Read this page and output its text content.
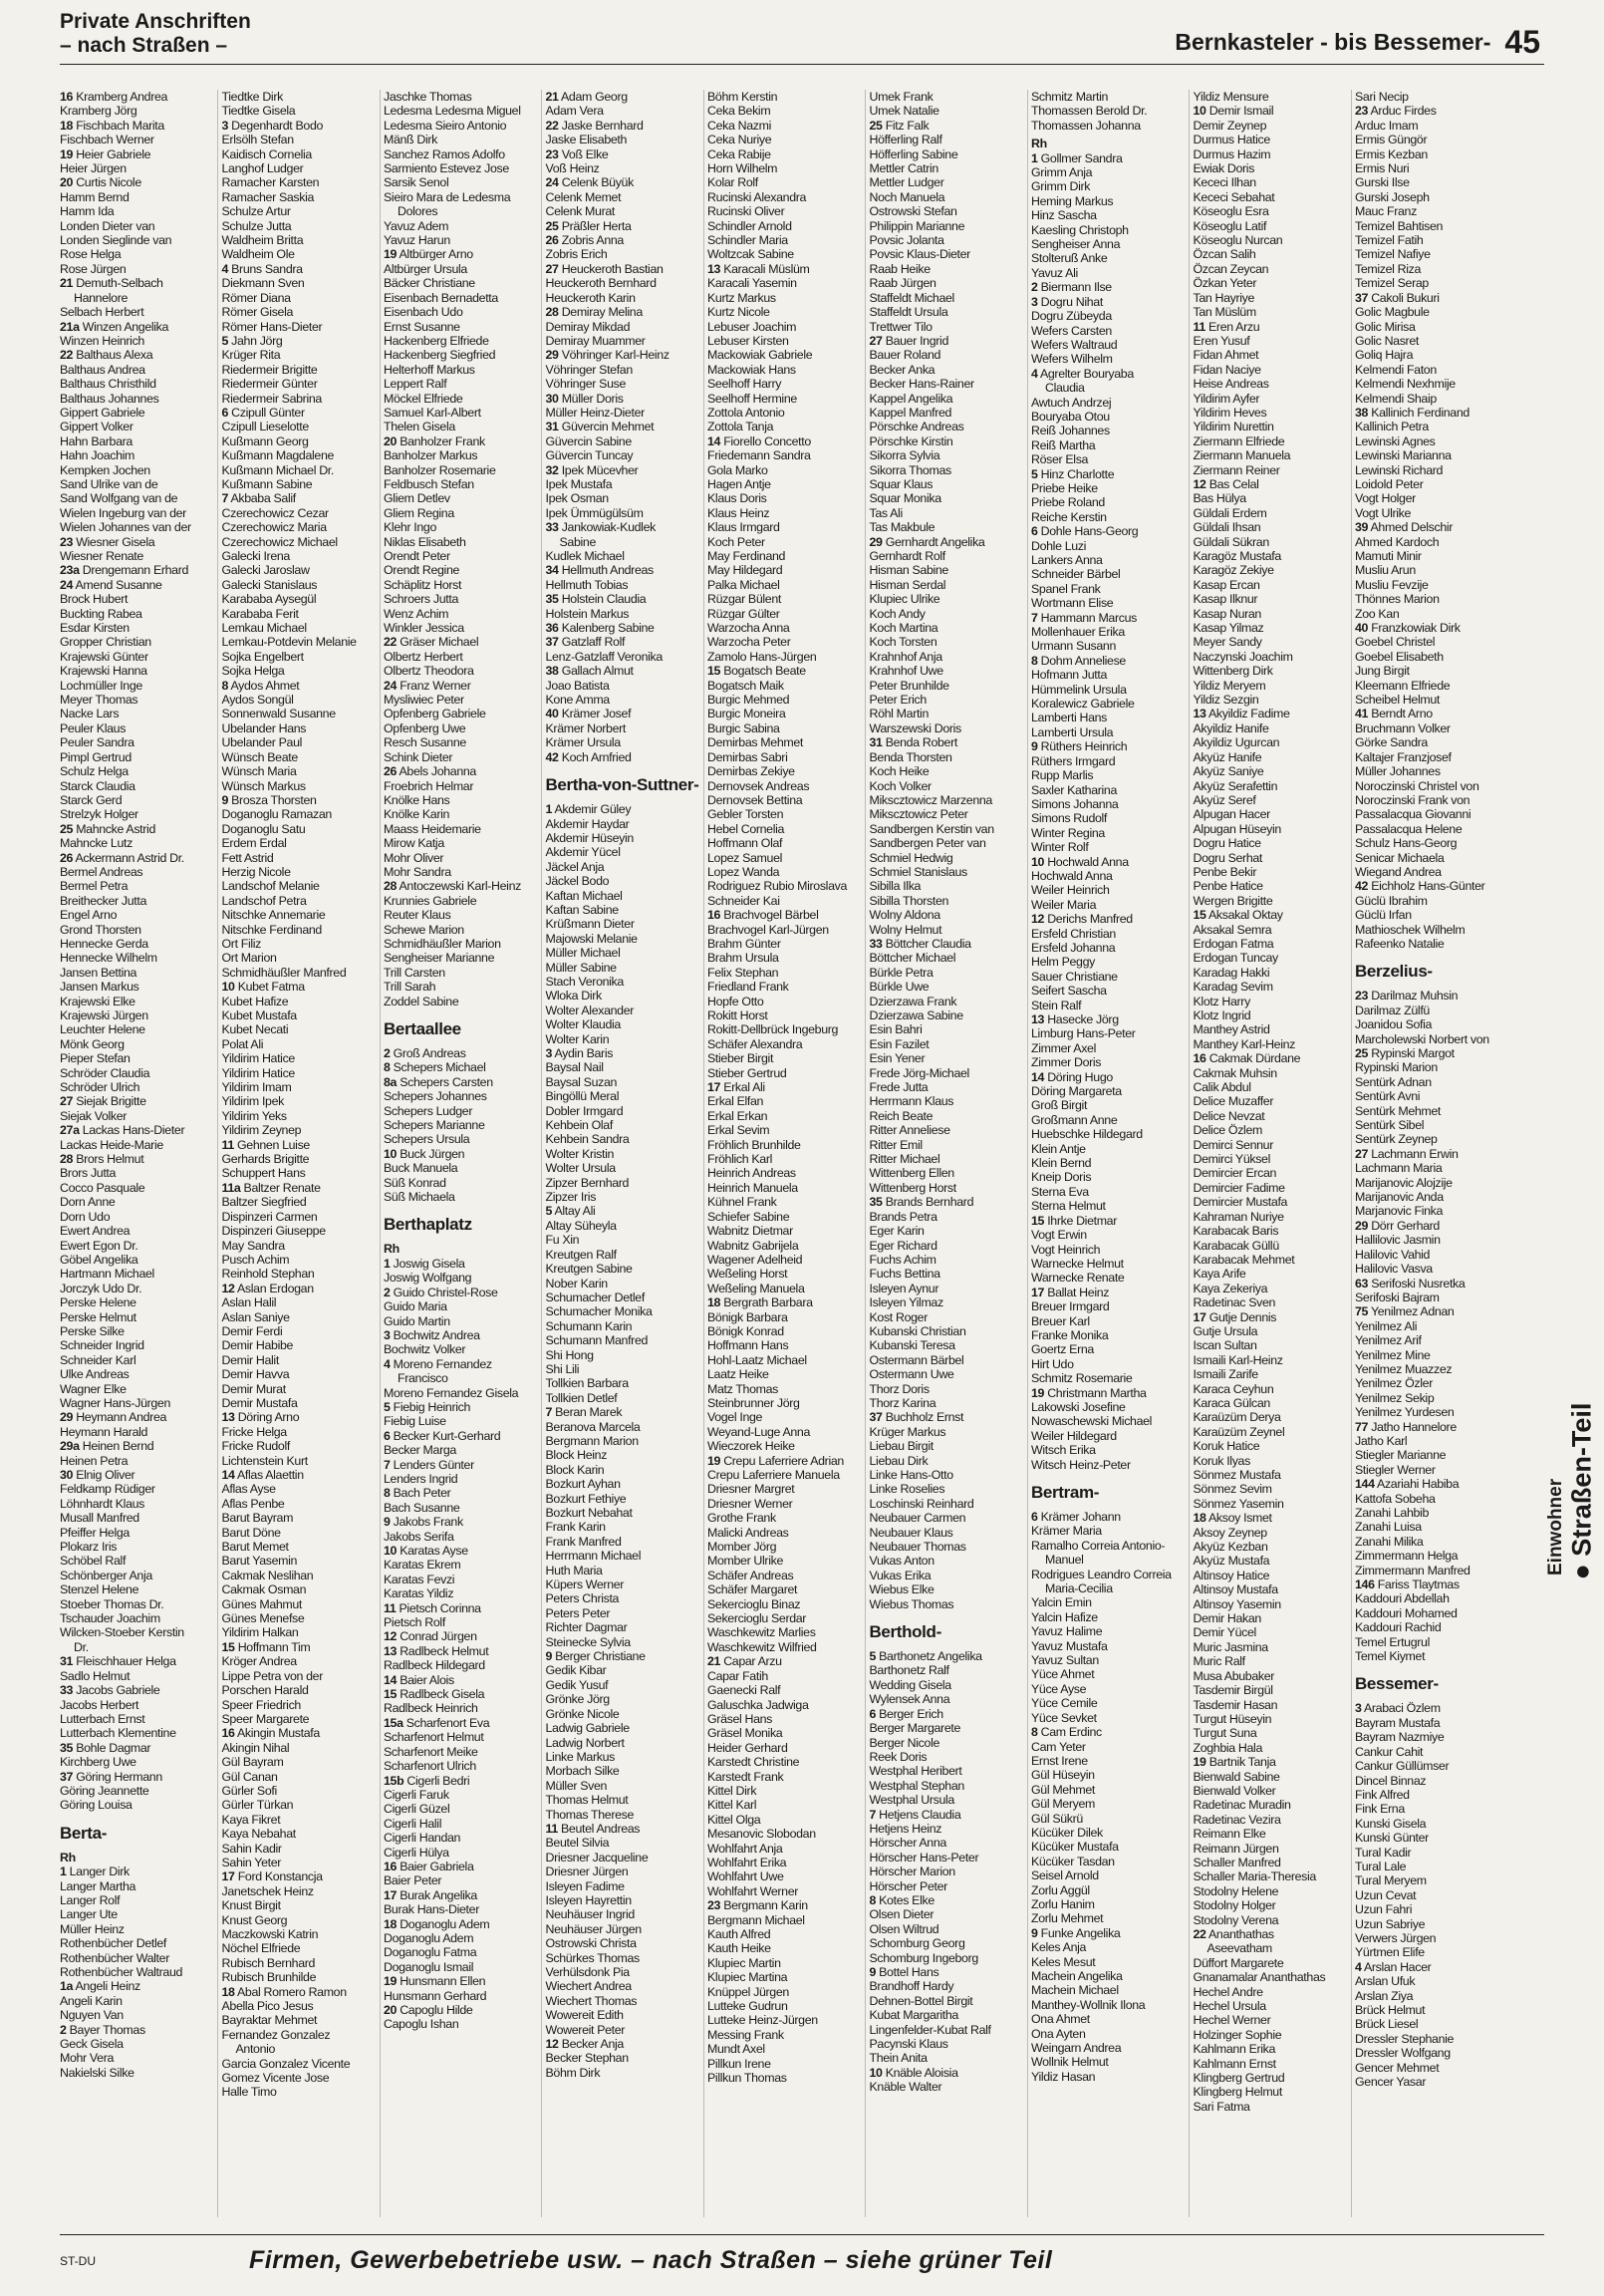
Private Anschriften
– nach Straßen –	Bernkasteler - bis Bessemer- 45
16 Kramberg Andrea
Kramberg Jörg
18 Fischbach Marita
Fischbach Werner
19 Heier Gabriele
Heier Jürgen
20 Curtis Nicole
Hamm Bernd
Hamm Ida
Londen Dieter van
Londen Sieglinde van
Rose Helga
Rose Jürgen
21 Demuth-Selbach
Hannelore
Selbach Herbert
21a Winzen Angelika
Winzen Heinrich
22 Balthaus Alexa
Balthaus Andrea
Balthaus Christhild
Balthaus Johannes
Gippert Gabriele
Gippert Volker
Hahn Barbara
Hahn Joachim
Kempken Jochen
Sand Ulrike van de
Sand Wolfgang van de
Wielen Ingeburg van der
Wielen Johannes van der
23 Wiesner Gisela
Wiesner Renate
23a Drengemann Erhard
24 Amend Susanne
Brock Hubert
Buckting Rabea
Esdar Kirsten
Gropper Christian
Krajewski Günter
Krajewski Hanna
Lochmüller Inge
Meyer Thomas
Nacke Lars
Peuler Klaus
Peuler Sandra
Pimpl Gertrud
Schulz Helga
Starck Claudia
Starck Gerd
Strelzyk Holger
25 Mahncke Astrid
Mahncke Lutz
26 Ackermann Astrid Dr.
Bermel Andreas
Bermel Petra
Breithecker Jutta
Engel Arno
Grond Thorsten
Hennecke Gerda
Hennecke Wilhelm
Jansen Bettina
Jansen Markus
Krajewski Elke
Krajewski Jürgen
Leuchter Helene
Mönk Georg
Pieper Stefan
Schröder Claudia
Schröder Ulrich
27 Siejak Brigitte
Siejak Volker
27a Lackas Hans-Dieter
Lackas Heide-Marie
28 Brors Helmut
Brors Jutta
Cocco Pasquale
Dorn Anne
Dorn Udo
Ewert Andrea
Ewert Egon Dr.
Göbel Angelika
Hartmann Michael
Jorczyk Udo Dr.
Perske Helene
Perske Helmut
Perske Silke
Schneider Ingrid
Schneider Karl
Ulke Andreas
Wagner Elke
Wagner Hans-Jürgen
29 Heymann Andrea
Heymann Harald
29a Heinen Bernd
Heinen Petra
30 Elnig Oliver
Feldkamp Rüdiger
Löhnhardt Klaus
Musall Manfred
Pfeiffer Helga
Plokarz Iris
Schöbel Ralf
Schönberger Anja
Stenzel Helene
Stoeber Thomas Dr.
Tschauder Joachim
Wilcken-Stoeber Kerstin
Dr.
31 Fleischhauer Helga
Sadlo Helmut
33 Jacobs Gabriele
Jacobs Herbert
Lutterbach Ernst
Lutterbach Klementine
35 Bohle Dagmar
Kirchberg Uwe
37 Göring Hermann
Göring Jeannette
Göring Louisa
Berta-
Rh
1 Langer Dirk
Langer Martha
Langer Rolf
Langer Ute
Müller Heinz
Rothenbücher Detlef
Rothenbücher Walter
Rothenbücher Waltraud
1a Angeli Heinz
Angeli Karin
Nguyen Van
2 Bayer Thomas
Geck Gisela
Mohr Vera
Nakielski Silke
Tiedtke Dirk
Tiedtke Gisela
3 Degenhardt Bodo
Erlsölh Stefan
Kaidisch Cornelia
Langhof Ludger
Ramacher Karsten
Ramacher Saskia
Schulze Artur
Schulze Jutta
Waldheim Britta
Waldheim Ole
4 Bruns Sandra
Diekmann Sven
Römer Diana
Römer Gisela
Römer Hans-Dieter
5 Jahn Jörg
Krüger Rita
Riedermeir Brigitte
Riedermeir Günter
Riedermeir Sabrina
6 Czipull Günter
Czipull Lieselotte
Kußmann Georg
Kußmann Magdalene
Kußmann Michael Dr.
Kußmann Sabine
7 Akbaba Salif
Czerechowicz Cezar
Czerechowicz Maria
Czerechowicz Michael
Galecki Irena
Galecki Jaroslaw
Galecki Stanislaus
Karababa Aysegül
Karababa Ferit
Lemkau Michael
Lemkau-Potdevin Melanie
Sojka Engelbert
Sojka Helga
8 Aydos Ahmet
Aydos Songül
Sonnenwald Susanne
Ubelander Hans
Ubelander Paul
Wünsch Beate
Wünsch Maria
Wünsch Markus
9 Brosza Thorsten
Doganoglu Ramazan
Doganoglu Satu
Erdem Erdal
Fett Astrid
Herzig Nicole
Landschof Melanie
Landschof Petra
Nitschke Annemarie
Nitschke Ferdinand
Ort Filiz
Ort Marion
Schmidhäußler Manfred
10 Kubet Fatma
Kubet Hafize
Kubet Mustafa
Kubet Necati
Polat Ali
Yildirim Hatice
Yildirim Hatice
Yildirim Imam
Yildirim Ipek
Yildirim Yeks
Yildirim Zeynep
11 Gehnen Luise
Gerhards Brigitte
Schuppert Hans
11a Baltzer Renate
Baltzer Siegfried
Dispinzeri Carmen
Dispinzeri Giuseppe
May Sandra
Pusch Achim
Reinhold Stephan
12 Aslan Erdogan
Aslan Halil
Aslan Saniye
Demir Ferdi
Demir Habibe
Demir Halit
Demir Havva
Demir Murat
Demir Mustafa
13 Döring Arno
Fricke Helga
Fricke Rudolf
Lichtenstein Kurt
14 Aflas Alaettin
Aflas Ayse
Aflas Penbe
Barut Bayram
Barut Döne
Barut Memet
Barut Yasemin
Cakmak Neslihan
Cakmak Osman
Günes Mahmut
Günes Menefse
Yildirim Halkan
15 Hoffmann Tim
Kröger Andrea
Lippe Petra von der
Porschen Harald
Speer Friedrich
Speer Margarete
16 Akingin Mustafa
Akingin Nihal
Gül Bayram
Gül Canan
Gürler Sofi
Gürler Türkan
Kaya Fikret
Kaya Nebahat
Sahin Kadir
Sahin Yeter
17 Ford Konstancja
Janetschek Heinz
Knust Birgit
Knust Georg
Maczkowski Katrin
Nöchel Elfriede
Rubisch Bernhard
Rubisch Brunhilde
18 Abal Romero Ramon
Abella Pico Jesus
Bayraktar Mehmet
Fernandez Gonzalez
Antonio
Garcia Gonzalez Vicente
Gomez Vicente Jose
Halle Timo
Jaschke Thomas
Ledesma Ledesma Miguel
Ledesma Sieiro Antonio
Mänß Dirk
Sanchez Ramos Adolfo
Sarmiento Estevez Jose
Sarsik Senol
Sieiro Mara de Ledesma
Dolores
Yavuz Adem
Yavuz Harun
19 Altbürger Arno
Altbürger Ursula
Bäcker Christiane
Eisenbach Bernadetta
Eisenbach Udo
Ernst Susanne
Hackenberg Elfriede
Hackenberg Siegfried
Helterhoff Markus
Leppert Ralf
Möckel Elfriede
Samuel Karl-Albert
Thelen Gisela
20 Banholzer Frank
Banholzer Markus
Banholzer Rosemarie
Feldbusch Stefan
Gliem Detlev
Gliem Regina
Klehr Ingo
Niklas Elisabeth
Orendt Peter
Orendt Regine
Schäplitz Horst
Schroers Jutta
Wenz Achim
Winkler Jessica
22 Gräser Michael
Olbertz Herbert
Olbertz Theodora
24 Franz Werner
Mysliwiec Peter
Opfenberg Gabriele
Opfenberg Uwe
Resch Susanne
Schink Dieter
26 Abels Johanna
Froebrich Helmar
Knölke Hans
Knölke Karin
Maass Heidemarie
Mirow Katja
Mohr Oliver
Mohr Sandra
28 Antoczewski Karl-Heinz
Krunnies Gabriele
Reuter Klaus
Schewe Marion
Schmidhäußler Marion
Sengheiser Marianne
Trill Carsten
Trill Sarah
Zoddel Sabine
Bertaallee
2 Groß Andreas
8 Schepers Michael
8a Schepers Carsten
Schepers Johannes
Schepers Ludger
Schepers Marianne
Schepers Ursula
10 Buck Jürgen
Buck Manuela
Süß Konrad
Süß Michaela
Berthaplatz
Rh
1 Joswig Gisela
Joswig Wolfgang
2 Guido Christel-Rose
Guido Maria
Guido Martin
3 Bochwitz Andrea
Bochwitz Volker
4 Moreno Fernandez
Francisco
Moreno Fernandez Gisela
5 Fiebig Heinrich
Fiebig Luise
6 Becker Kurt-Gerhard
Becker Marga
7 Lenders Günter
Lenders Ingrid
8 Bach Peter
Bach Susanne
9 Jakobs Frank
Jakobs Serifa
10 Karatas Ayse
Karatas Ekrem
Karatas Fevzi
Karatas Yildiz
11 Pietsch Corinna
Pietsch Rolf
12 Conrad Jürgen
13 Radlbeck Helmut
Radlbeck Hildegard
14 Baier Alois
15 Radlbeck Gisela
Radlbeck Heinrich
15a Scharfenort Eva
Scharfenort Helmut
Scharfenort Meike
Scharfenort Ulrich
15b Cigerli Bedri
Cigerli Faruk
Cigerli Güzel
Cigerli Halil
Cigerli Handan
Cigerli Hülya
16 Baier Gabriela
Baier Peter
17 Burak Angelika
Burak Hans-Dieter
18 Doganoglu Adem
Doganoglu Adem
Doganoglu Fatma
Doganoglu Ismail
19 Hunsmann Ellen
Hunsmann Gerhard
20 Capoglu Hilde
Capoglu Ishan
21 Adam Georg
Adam Vera
22 Jaske Bernhard
Jaske Elisabeth
23 Voß Elke
Voß Heinz
24 Celenk Büyük
Celenk Memet
Celenk Murat
25 Präßler Herta
26 Zobris Anna
Zobris Erich
27 Heuckeroth Bastian
Heuckeroth Bernhard
Heuckeroth Karin
28 Demiray Melina
Demiray Mikdad
Demiray Muammer
29 Vöhringer Karl-Heinz
Vöhringer Stefan
Vöhringer Suse
30 Müller Doris
Müller Heinz-Dieter
31 Güvercin Mehmet
Güvercin Sabine
Güvercin Tuncay
32 Ipek Mücevher
Ipek Mustafa
Ipek Osman
Ipek Ümmügülsüm
33 Jankowiak-Kudlek
Sabine
Kudlek Michael
34 Hellmuth Andreas
Hellmuth Tobias
35 Holstein Claudia
Holstein Markus
36 Kalenberg Sabine
37 Gatzlaff Rolf
Lenz-Gatzlaff Veronika
38 Gallach Almut
Joao Batista
Kone Amma
40 Krämer Josef
Krämer Norbert
Krämer Ursula
42 Koch Arnfried
Bertha-von-Suttner-
1 Akdemir Güley
Akdemir Haydar
Akdemir Hüseyin
Akdemir Yücel
Jäckel Anja
Jäckel Bodo
Kaftan Michael
Kaftan Sabine
Krüßmann Dieter
Majowski Melanie
Müller Michael
Müller Sabine
Stach Veronika
Wloka Dirk
Wolter Alexander
Wolter Klaudia
Wolter Karin
3 Aydin Baris
Baysal Nail
Baysal Suzan
Bingöllü Meral
Dobler Irmgard
Kehbein Olaf
Kehbein Sandra
Wolter Kristin
Wolter Ursula
Zipzer Bernhard
Zipzer Iris
5 Altay Ali
Altay Süheyla
Fu Xin
Kreutgen Ralf
Kreutgen Sabine
Nober Karin
Schumacher Detlef
Schumacher Monika
Schumann Karin
Schumann Manfred
Shi Hong
Shi Lili
Tollkien Barbara
Tollkien Detlef
7 Beran Marek
Beranova Marcela
Bergmann Marion
Block Heinz
Block Karin
Bozkurt Ayhan
Bozkurt Fethiye
Bozkurt Nebahat
Frank Karin
Frank Manfred
Herrmann Michael
Huth Maria
Küpers Werner
Peters Christa
Peters Peter
Richter Dagmar
Steinecke Sylvia
9 Berger Christiane
Gedik Kibar
Gedik Yusuf
Grönke Jörg
Grönke Nicole
Ladwig Gabriele
Ladwig Norbert
Linke Markus
Morbach Silke
Müller Sven
Thomas Helmut
Thomas Therese
11 Beutel Andreas
Beutel Silvia
Driesner Jacqueline
Driesner Jürgen
Isleyen Fadime
Isleyen Hayrettin
Neuhäuser Ingrid
Neuhäuser Jürgen
Ostrowski Christa
Schürkes Thomas
Verhülsdonk Pia
Wiechert Andrea
Wiechert Thomas
Wowereit Edith
Wowereit Peter
12 Becker Anja
Becker Stephan
Böhm Dirk
Böhm Kerstin
Ceka Bekim
Ceka Nazmi
Ceka Nuriye
Ceka Rabije
Horn Wilhelm
Kolar Rolf
Rucinski Alexandra
Rucinski Oliver
Schindler Arnold
Schindler Maria
Woltzcak Sabine
13 Karacali Müslüm
Karacali Yasemin
Kurtz Markus
Kurtz Nicole
Lebuser Joachim
Lebuser Kirsten
Mackowiak Gabriele
Mackowiak Hans
Seelhoff Harry
Seelhoff Hermine
Zottola Antonio
Zottola Tanja
14 Fiorello Concetto
Friedemann Sandra
Gola Marko
Hagen Antje
Klaus Doris
Klaus Heinz
Klaus Irmgard
Koch Peter
May Ferdinand
May Hildegard
Palka Michael
Rüzgar Bülent
Rüzgar Gülter
Warzocha Anna
Warzocha Peter
Zamolo Hans-Jürgen
15 Bogatsch Beate
Bogatsch Maik
Burgic Mehmed
Burgic Moneira
Burgic Sabina
Demirbas Mehmet
Demirbas Sabri
Demirbas Zekiye
Dernovsek Andreas
Dernovsek Bettina
Gebler Torsten
Hebel Cornelia
Hoffmann Olaf
Lopez Samuel
Lopez Wanda
Rodriguez Rubio Miroslava
Schneider Kai
16 Brachvogel Bärbel
Brachvogel Karl-Jürgen
Brahm Günter
Brahm Ursula
Felix Stephan
Friedland Frank
Hopfe Otto
Rokitt Horst
Rokitt-Dellbrück Ingeburg
Schäfer Alexandra
Stieber Birgit
Stieber Gertrud
17 Erkal Ali
Erkal Elfan
Erkal Erkan
Erkal Sevim
Fröhlich Brunhilde
Fröhlich Karl
Heinrich Andreas
Heinrich Manuela
Kühnel Frank
Schiefer Sabine
Wabnitz Dietmar
Wabnitz Gabrijela
Wagener Adelheid
Weßeling Horst
Weßeling Manuela
18 Bergrath Barbara
Bönigk Barbara
Bönigk Konrad
Hoffmann Hans
Hohl-Laatz Michael
Laatz Heike
Matz Thomas
Steinbrunner Jörg
Vogel Inge
Weyand-Luge Anna
Wieczorek Heike
19 Crepu Laferriere Adrian
Crepu Laferriere Manuela
Driesner Margret
Driesner Werner
Grothe Frank
Malicki Andreas
Momber Jörg
Momber Ulrike
Schäfer Andreas
Schäfer Margaret
Sekercioglu Binaz
Sekercioglu Serdar
Waschkewitz Marlies
Waschkewitz Wilfried
21 Capar Arzu
Capar Fatih
Gaenecki Ralf
Galuschka Jadwiga
Gräsel Hans
Gräsel Monika
Heider Gerhard
Karstedt Christine
Karstedt Frank
Kittel Dirk
Kittel Karl
Kittel Olga
Mesanovic Slobodan
Wohlfahrt Anja
Wohlfahrt Erika
Wohlfahrt Uwe
Wohlfahrt Werner
23 Bergmann Karin
Bergmann Michael
Kauth Alfred
Kauth Heike
Klupiec Martin
Klupiec Martina
Knüppel Jürgen
Lutteke Gudrun
Lutteke Heinz-Jürgen
Messing Frank
Mundt Axel
Pillkun Irene
Pillkun Thomas
Umek Frank
Umek Natalie
25 Fitz Falk
Höfferling Ralf
Höfferling Sabine
Mettler Catrin
Mettler Ludger
Noch Manuela
Ostrowski Stefan
Philippin Marianne
Povsic Jolanta
Povsic Klaus-Dieter
Raab Heike
Raab Jürgen
Staffeldt Michael
Staffeldt Ursula
Trettwer Tilo
27 Bauer Ingrid
Bauer Roland
Becker Anka
Becker Hans-Rainer
Kappel Angelika
Kappel Manfred
Pörschke Andreas
Pörschke Kirstin
Sikorra Sylvia
Sikorra Thomas
Squar Klaus
Squar Monika
Tas Ali
Tas Makbule
29 Gernhardt Angelika
Gernhardt Rolf
Hisman Sabine
Hisman Serdal
Klupiec Ulrike
Koch Andy
Koch Martina
Koch Torsten
Krahnhof Anja
Krahnhof Uwe
Peter Brunhilde
Peter Erich
Röhl Martin
Warszewski Doris
31 Benda Robert
Benda Thorsten
Koch Heike
Koch Volker
Mikscztowicz Marzenna
Mikscztowicz Peter
Sandbergen Kerstin van
Sandbergen Peter van
Schmiel Hedwig
Schmiel Stanislaus
Sibilla Ilka
Sibilla Thorsten
Wolny Aldona
Wolny Helmut
33 Böttcher Claudia
Böttcher Michael
Bürkle Petra
Bürkle Uwe
Dzierzawa Frank
Dzierzawa Sabine
Esin Bahri
Esin Fazilet
Esin Yener
Frede Jörg-Michael
Frede Jutta
Herrmann Klaus
Reich Beate
Ritter Anneliese
Ritter Emil
Ritter Michael
Wittenberg Ellen
Wittenberg Horst
35 Brands Bernhard
Brands Petra
Eger Karin
Eger Richard
Fuchs Achim
Fuchs Bettina
Isleyen Aynur
Isleyen Yilmaz
Kost Roger
Kubanski Christian
Kubanski Teresa
Ostermann Bärbel
Ostermann Uwe
Thorz Doris
Thorz Karina
37 Buchholz Ernst
Krüger Markus
Liebau Birgit
Liebau Dirk
Linke Hans-Otto
Linke Roselies
Loschinski Reinhard
Neubauer Carmen
Neubauer Klaus
Neubauer Thomas
Vukas Anton
Vukas Erika
Wiebus Elke
Wiebus Thomas
Berthold-
5 Barthonetz Angelika
Barthonetz Ralf
Wedding Gisela
Wylensek Anna
6 Berger Erich
Berger Margarete
Berger Nicole
Reek Doris
Westphal Heribert
Westphal Stephan
Westphal Ursula
7 Hetjens Claudia
Hetjens Heinz
Hörscher Anna
Hörscher Hans-Peter
Hörscher Marion
Hörscher Peter
8 Kotes Elke
Olsen Dieter
Olsen Wiltrud
Schomburg Georg
Schomburg Ingeborg
9 Bottel Hans
Brandhoff Hardy
Dehnen-Bottel Birgit
Kubat Margaritha
Lingenfelder-Kubat Ralf
Pacynski Klaus
Thein Anita
10 Knäble Aloisia
Knäble Walter
Schmitz Martin
Thomassen Berold Dr.
Thomassen Johanna
Rh
1 Gollmer Sandra
Grimm Anja
Grimm Dirk
Heming Markus
Hinz Sascha
Kaesling Christoph
Sengheiser Anna
Stolteruß Anke
Yavuz Ali
2 Biermann Ilse
3 Dogru Nihat
Dogru Zübeyda
Wefers Carsten
Wefers Waltraud
Wefers Wilhelm
4 Agrelter Bouryaba
Claudia
Awtuch Andrzej
Bouryaba Otou
Reiß Johannes
Reiß Martha
Röser Elsa
5 Hinz Charlotte
Priebe Heike
Priebe Roland
Reiche Kerstin
6 Dohle Hans-Georg
Dohle Luzi
Lankers Anna
Schneider Bärbel
Spanel Frank
Wortmann Elise
7 Hammann Marcus
Mollenhauer Erika
Urmann Susann
8 Dohm Anneliese
Hofmann Jutta
Hümmelink Ursula
Koralewicz Gabriele
Lamberti Hans
Lamberti Ursula
9 Rüthers Heinrich
Rüthers Irmgard
Rupp Marlis
Saxler Katharina
Simons Johanna
Simons Rudolf
Winter Regina
Winter Rolf
10 Hochwald Anna
Hochwald Anna
Weiler Heinrich
Weiler Maria
12 Derichs Manfred
Ersfeld Christian
Ersfeld Johanna
Helm Peggy
Sauer Christiane
Seifert Sascha
Stein Ralf
13 Hasecke Jörg
Limburg Hans-Peter
Zimmer Axel
Zimmer Doris
14 Döring Hugo
Döring Margareta
Groß Birgit
Großmann Anne
Huebschke Hildegard
Klein Antje
Klein Bernd
Kneip Doris
Sterna Eva
Sterna Helmut
15 Ihrke Dietmar
Vogt Erwin
Vogt Heinrich
Warnecke Helmut
Warnecke Renate
17 Ballat Heinz
Breuer Irmgard
Breuer Karl
Franke Monika
Goertz Erna
Hirt Udo
Schmitz Rosemarie
19 Christmann Martha
Lakowski Josefine
Nowaschewski Michael
Weiler Hildegard
Witsch Erika
Witsch Heinz-Peter
Bertram-
6 Krämer Johann
Krämer Maria
Ramalho Correia Antonio-
Manuel
Rodrigues Leandro Correia
Maria-Cecilia
Yalcin Emin
Yalcin Hafize
Yavuz Halime
Yavuz Mustafa
Yavuz Sultan
Yüce Ahmet
Yüce Ayse
Yüce Cemile
Yüce Sevket
8 Cam Erdinc
Cam Yeter
Ernst Irene
Gül Hüseyin
Gül Mehmet
Gül Meryem
Gül Sükrü
Kücüker Dilek
Kücüker Mustafa
Kücüker Tasdan
Seisel Arnold
Zorlu Aggül
Zorlu Hanim
Zorlu Mehmet
9 Funke Angelika
Keles Anja
Keles Mesut
Machein Angelika
Machein Michael
Manthey-Wollnik Ilona
Ona Ahmet
Ona Ayten
Weingarn Andrea
Wollnik Helmut
Yildiz Hasan
Yildiz Mensure
10 Demir Ismail
Demir Zeynep
Durmus Hatice
Durmus Hazim
Ewiak Doris
Kececi Ilhan
Kececi Sebahat
Köseoglu Esra
Köseoglu Latif
Köseoglu Nurcan
Özcan Salih
Özcan Zeycan
Özkan Yeter
Tan Hayriye
Tan Müslüm
11 Eren Arzu
Eren Yusuf
Fidan Ahmet
Fidan Naciye
Heise Andreas
Yildirim Ayfer
Yildirim Heves
Yildirim Nurettin
Ziermann Elfriede
Ziermann Manuela
Ziermann Reiner
12 Bas Celal
Bas Hülya
Güldali Erdem
Güldali Ihsan
Güldali Sükran
Karagöz Mustafa
Karagöz Zekiye
Kasap Ercan
Kasap Ilknur
Kasap Nuran
Kasap Yilmaz
Meyer Sandy
Naczynski Joachim
Wittenberg Dirk
Yildiz Meryem
Yildiz Sezgin
13 Akyildiz Fadime
Akyildiz Hanife
Akyildiz Ugurcan
Akyüz Hanife
Akyüz Saniye
Akyüz Serafettin
Akyüz Seref
Alpugan Hacer
Alpugan Hüseyin
Dogru Hatice
Dogru Serhat
Penbe Bekir
Penbe Hatice
Wergen Brigitte
15 Aksakal Oktay
Aksakal Semra
Erdogan Fatma
Erdogan Tuncay
Karadag Hakki
Karadag Sevim
Klotz Harry
Klotz Ingrid
Manthey Astrid
Manthey Karl-Heinz
16 Cakmak Dürdane
Cakmak Muhsin
Calik Abdul
Delice Muzaffer
Delice Nevzat
Delice Özlem
Demirci Sennur
Demirci Yüksel
Demircier Ercan
Demircier Fadime
Demircier Mustafa
Kahraman Nuriye
Karabacak Baris
Karabacak Güllü
Karabacak Mehmet
Kaya Arife
Kaya Zekeriya
Radetinac Sven
17 Gutje Dennis
Gutje Ursula
Iscan Sultan
Ismaili Karl-Heinz
Ismaili Zarife
Karaca Ceyhun
Karaca Gülcan
Karaüzüm Derya
Karaüzüm Zeynel
Koruk Hatice
Koruk Ilyas
Sönmez Mustafa
Sönmez Sevim
Sönmez Yasemin
18 Aksoy Ismet
Aksoy Zeynep
Akyüz Kezban
Akyüz Mustafa
Altinsoy Hatice
Altinsoy Mustafa
Altinsoy Yasemin
Demir Hakan
Demir Yücel
Muric Jasmina
Muric Ralf
Musa Abubaker
Tasdemir Birgül
Tasdemir Hasan
Turgut Hüseyin
Turgut Suna
Zoghbia Hala
19 Bartnik Tanja
Bienwald Sabine
Bienwald Volker
Radetinac Muradin
Radetinac Vezira
Reimann Elke
Reimann Jürgen
Schaller Manfred
Schaller Maria-Theresia
Stodolny Helene
Stodolny Holger
Stodolny Verena
22 Ananthathas
Aseevatham
Düffort Margarete
Gnanamalar Ananthathas
Hechel Andre
Hechel Ursula
Hechel Werner
Holzinger Sophie
Kahlmann Erika
Kahlmann Ernst
Klingberg Gertrud
Klingberg Helmut
Sari Fatma
Sari Necip
23 Arduc Firdes
Arduc Imam
Ermis Güngör
Ermis Kezban
Ermis Nuri
Gurski Ilse
Gurski Joseph
Mauc Franz
Temizel Bahtisen
Temizel Fatih
Temizel Nafiye
Temizel Riza
Temizel Serap
37 Cakoli Bukuri
Golic Magbule
Golic Mirisa
Golic Nasret
Goliq Hajra
Kelmendi Faton
Kelmendi Nexhmije
Kelmendi Shaip
38 Kallinich Ferdinand
Kallinich Petra
Lewinski Agnes
Lewinski Marianna
Lewinski Richard
Loidold Peter
Vogt Holger
Vogt Ulrike
39 Ahmed Delschir
Ahmed Kardoch
Mamuti Minir
Musliu Arun
Musliu Fevzije
Thönnes Marion
Zoo Kan
40 Franzkowiak Dirk
Goebel Christel
Goebel Elisabeth
Jung Birgit
Kleemann Elfriede
Scheibel Helmut
41 Berndt Arno
Bruchmann Volker
Görke Sandra
Kaltajer Franzjosef
Müller Johannes
Noroczinski Christel von
Noroczinski Frank von
Passalacqua Giovanni
Passalacqua Helene
Schulz Hans-Georg
Senicar Michaela
Wiegand Andrea
42 Eichholz Hans-Günter
Güclü Ibrahim
Güclü Irfan
Mathioschek Wilhelm
Rafeenko Natalie
Berzelius-
23 Darilmaz Muhsin
Darilmaz Zülfü
Joanidou Sofia
Marcholewski Norbert von
25 Rypinski Margot
Rypinski Marion
Sentürk Adnan
Sentürk Avni
Sentürk Mehmet
Sentürk Sibel
Sentürk Zeynep
27 Lachmann Erwin
Lachmann Maria
Marijanovic Alojzije
Marijanovic Anda
Marjanovic Finka
29 Dörr Gerhard
Hallilovic Jasmin
Halilovic Vahid
Halilovic Vasva
63 Serifoski Nusretka
Serifoski Bajram
75 Yenilmez Adnan
Yenilmez Ali
Yenilmez Arif
Yenilmez Mine
Yenilmez Muazzez
Yenilmez Özler
Yenilmez Sekip
Yenilmez Yurdesen
77 Jatho Hannelore
Jatho Karl
Stiegler Marianne
Stiegler Werner
144 Azariahi Habiba
Kattofa Sobeha
Zanahi Lahbib
Zanahi Luisa
Zanahi Milika
Zimmermann Helga
Zimmermann Manfred
146 Fariss Tlaytmas
Kaddouri Abdellah
Kaddouri Mohamed
Kaddouri Rachid
Temel Ertugrul
Temel Kiymet
Bessemer-
3 Arabaci Özlem
Bayram Mustafa
Bayram Nazmiye
Cankur Cahit
Cankur Güllümser
Dincel Binnaz
Fink Alfred
Fink Erna
Kunski Gisela
Kunski Günter
Tural Kadir
Tural Lale
Tural Meryem
Uzun Cevat
Uzun Fahri
Uzun Sabriye
Verwers Jürgen
Yürtmen Elife
4 Arslan Hacer
Arslan Ufuk
Arslan Ziya
Brück Helmut
Brück Liesel
Dressler Stephanie
Dressler Wolfgang
Gencer Mehmet
Gencer Yasar
Einwohner ● Straßen-Teil
ST-DU	Firmen, Gewerbebetriebe usw. – nach Straßen – siehe grüner Teil
